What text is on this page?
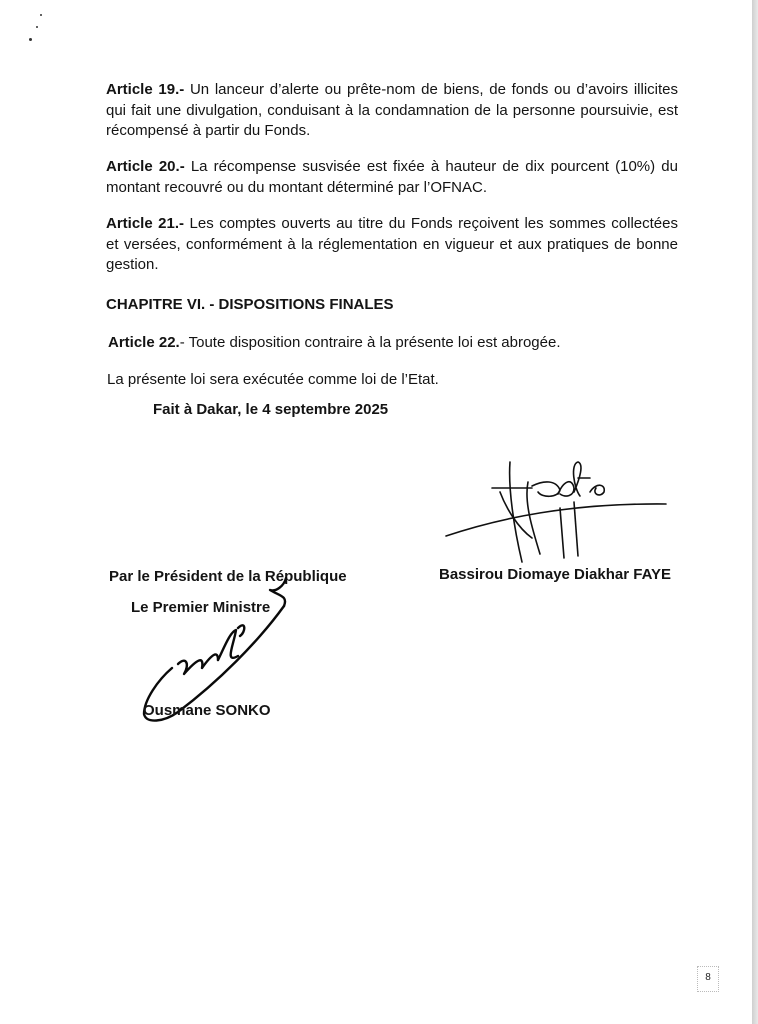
Article 19.- Un lanceur d’alerte ou prête-nom de biens, de fonds ou d’avoirs illicites qui fait une divulgation, conduisant à la condamnation de la personne poursuivie, est récompensé à partir du Fonds.
Article 20.- La récompense susvisée est fixée à hauteur de dix pourcent (10%) du montant recouvré ou du montant déterminé par l’OFNAC.
Article 21.- Les comptes ouverts au titre du Fonds reçoivent les sommes collectées et versées, conformément à la réglementation en vigueur et aux pratiques de bonne gestion.
CHAPITRE VI. - DISPOSITIONS FINALES
Article 22.- Toute disposition contraire à la présente loi est abrogée.
La présente loi sera exécutée comme loi de l’Etat.
Fait à Dakar, le 4 septembre 2025
Bassirou Diomaye Diakhar FAYE
Par le Président de la République
Le Premier Ministre
Ousmane SONKO
8
